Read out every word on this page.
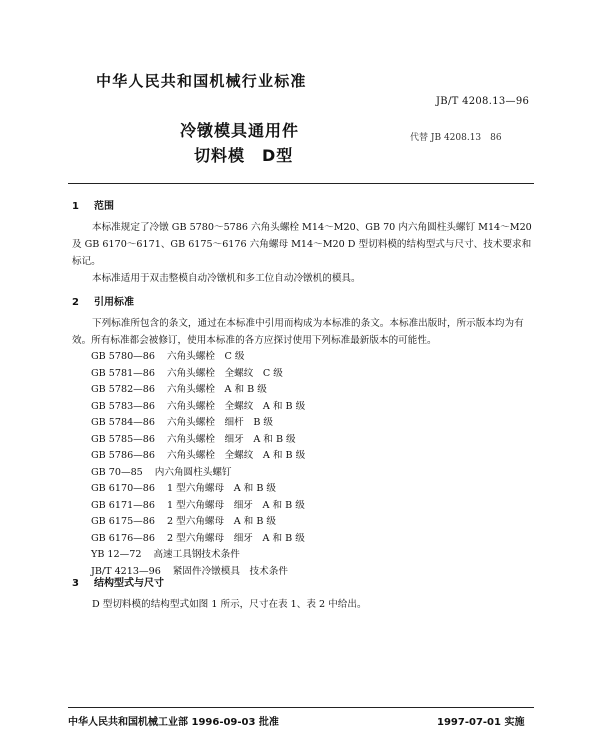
中华人民共和国机械行业标准
JB/T 4208.13—96
冷镦模具通用件
切料模　D型
代替 JB 4208.13　86
1 范围

本标准规定了冷镦 GB 5780～5786 六角头螺栓 M14～M20、GB 70 内六角圆柱头螺钉 M14～M20 及 GB 6170～6171、GB 6175～6176 六角螺母 M14～M20 D 型切料模的结构型式与尺寸、技术要求和标记。

本标准适用于双击整模自动冷镦机和多工位自动冷镦机的模具。

2 引用标准

下列标准所包含的条文，通过在本标准中引用而构成为本标准的条文。本标准出版时，所示版本均为有效。所有标准都会被修订，使用本标准的各方应探讨使用下列标准最新版本的可能性。

GB 5780—86 六角头螺栓　C 级
GB 5781—86 六角头螺栓　全螺纹　C 级
GB 5782—86 六角头螺栓　A 和 B 级
GB 5783—86 六角头螺栓　全螺纹　A 和 B 级
GB 5784—86 六角头螺栓　细杆　B 级
GB 5785—86 六角头螺栓　细牙　A 和 B 级
GB 5786—86 六角头螺栓　全螺纹　A 和 B 级
GB 70—85 内六角圆柱头螺钉
GB 6170—86 1 型六角螺母　A 和 B 级
GB 6171—86 1 型六角螺母　细牙　A 和 B 级
GB 6175—86 2 型六角螺母　A 和 B 级
GB 6176—86 2 型六角螺母　细牙　A 和 B 级
YB 12—72 高速工具钢技术条件
JB/T 4213—96 紧固件冷镦模具　技术条件
3 结构型式与尺寸

D 型切料模的结构型式如图 1 所示，尺寸在表 1、表 2 中给出。

中华人民共和国机械工业部 1996-09-03 批准	1997-07-01 实施
